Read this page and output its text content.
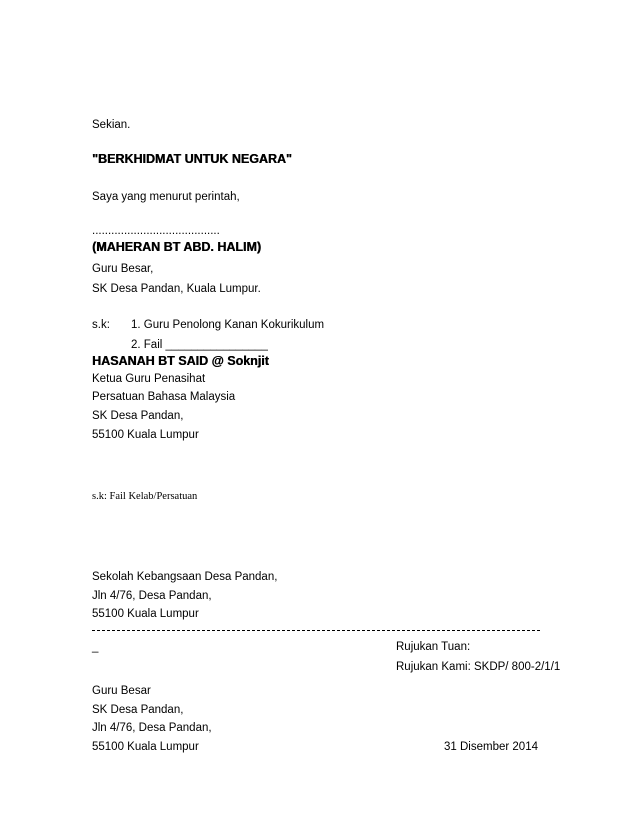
Sekian.
"BERKHIDMAT UNTUK NEGARA"
Saya yang menurut perintah,
........................................
(MAHERAN BT ABD. HALIM)
Guru Besar,
SK Desa Pandan, Kuala Lumpur.
s.k: 1. Guru Penolong Kanan Kokurikulum
2. Fail ________________
HASANAH BT SAID @ Soknjit
Ketua Guru Penasihat
Persatuan Bahasa Malaysia
SK Desa Pandan,
55100 Kuala Lumpur
s.k: Fail Kelab/Persatuan
Sekolah Kebangsaan Desa Pandan,
Jln 4/76, Desa Pandan,
55100 Kuala Lumpur
_	Rujukan Tuan:
Rujukan Kami: SKDP/ 800-2/1/1
Guru Besar
SK Desa Pandan,
Jln 4/76, Desa Pandan,
55100 Kuala Lumpur	31 Disember 2014
